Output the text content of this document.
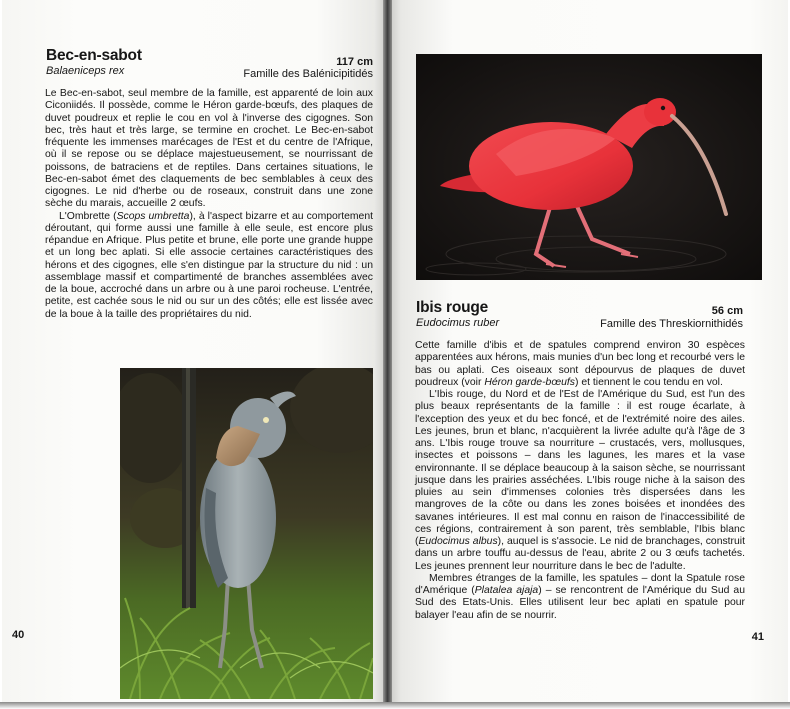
Bec-en-sabot
Balaeniceps rex
117 cm
Famille des Balénicipitidés

Le Bec-en-sabot, seul membre de la famille, est apparenté de loin aux Ciconiidés. Il possède, comme le Héron garde-bœufs, des plaques de duvet poudreux et replie le cou en vol à l'inverse des cigognes. Son bec, très haut et très large, se termine en crochet. Le Bec-en-sabot fréquente les immenses marécages de l'Est et du centre de l'Afrique, où il se repose ou se déplace majestueusement, se nourrissant de poissons, de batraciens et de reptiles. Dans certaines situations, le Bec-en-sabot émet des claquements de bec semblables à ceux des cigognes. Le nid d'herbe ou de roseaux, construit dans une zone sèche du marais, accueille 2 œufs.

L'Ombrette (Scops umbretta), à l'aspect bizarre et au comportement déroutant, qui forme aussi une famille à elle seule, est encore plus répandue en Afrique. Plus petite et brune, elle porte une grande huppe et un long bec aplati. Si elle associe certaines caractéristiques des hérons et des cigognes, elle s'en distingue par la structure du nid : un assemblage massif et compartimenté de branches assemblées avec de la boue, accroché dans un arbre ou à une paroi rocheuse. L'entrée, petite, est cachée sous le nid ou sur un des côtés; elle est lissée avec de la boue à la taille des propriétaires du nid.

40
Ibis rouge
Eudocimus ruber
56 cm
Famille des Threskiornithidés

Cette famille d'ibis et de spatules comprend environ 30 espèces apparentées aux hérons, mais munies d'un bec long et recourbé vers le bas ou aplati. Ces oiseaux sont dépourvus de plaques de duvet poudreux (voir Héron garde-bœufs) et tiennent le cou tendu en vol.

L'Ibis rouge, du Nord et de l'Est de l'Amérique du Sud, est l'un des plus beaux représentants de la famille : il est rouge écarlate, à l'exception des yeux et du bec foncé, et de l'extrémité noire des ailes. Les jeunes, brun et blanc, n'acquièrent la livrée adulte qu'à l'âge de 3 ans. L'Ibis rouge trouve sa nourriture – crustacés, vers, mollusques, insectes et poissons – dans les lagunes, les mares et la vase environnante. Il se déplace beaucoup à la saison sèche, se nourrissant jusque dans les prairies asséchées. L'Ibis rouge niche à la saison des pluies au sein d'immenses colonies très dispersées dans les mangroves de la côte ou dans les zones boisées et inondées des savanes intérieures. Il est mal connu en raison de l'inaccessibilité de ces régions, contrairement à son parent, très semblable, l'Ibis blanc (Eudocimus albus), auquel is s'associe. Le nid de branchages, construit dans un arbre touffu au-dessus de l'eau, abrite 2 ou 3 œufs tachetés. Les jeunes prennent leur nourriture dans le bec de l'adulte.

Membres étranges de la famille, les spatules – dont la Spatule rose d'Amérique (Platalea ajaja) – se rencontrent de l'Amérique du Sud au Sud des Etats-Unis. Elles utilisent leur bec aplati en spatule pour balayer l'eau afin de se nourrir.

41
